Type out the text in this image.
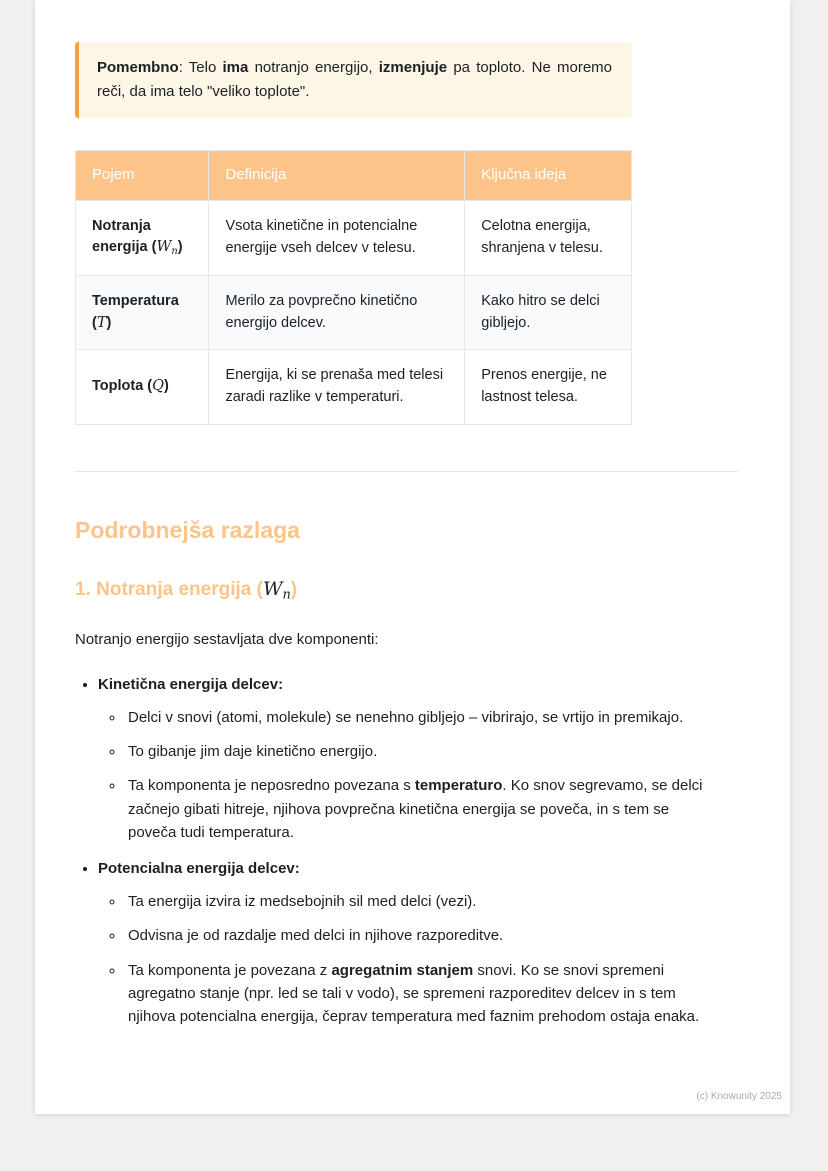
Pomembno: Telo ima notranjo energijo, izmenjuje pa toploto. Ne moremo reči, da ima telo "veliko toplote".

Pojem	Definicija	Ključna ideja
Notranja energija (Wn)	Vsota kinetične in potencialne energije vseh delcev v telesu.	Celotna energija, shranjena v telesu.
Temperatura (T)	Merilo za povprečno kinetično energijo delcev.	Kako hitro se delci gibljejo.
Toplota (Q)	Energija, ki se prenaša med telesi zaradi razlike v temperaturi.	Prenos energije, ne lastnost telesa.
Podrobnejša razlaga
1. Notranja energija (Wn)

Notranjo energijo sestavljata dve komponenti:

• Kinetična energija delcev:
◦ Delci v snovi (atomi, molekule) se nenehno gibljejo – vibrirajo, se vrtijo in premikajo.
◦ To gibanje jim daje kinetično energijo.
◦ Ta komponenta je neposredno povezana s temperaturo. Ko snov segrevamo, se delci začnejo gibati hitreje, njihova povprečna kinetična energija se poveča, in s tem se poveča tudi temperatura.
• Potencialna energija delcev:
◦ Ta energija izvira iz medsebojnih sil med delci (vezi).
◦ Odvisna je od razdalje med delci in njihove razporeditve.
◦ Ta komponenta je povezana z agregatnim stanjem snovi. Ko se snovi spremeni agregatno stanje (npr. led se tali v vodo), se spremeni razporeditev delcev in s tem njihova potencialna energija, čeprav temperatura med faznim prehodom ostaja enaka.
(c) Knowunity 2025
